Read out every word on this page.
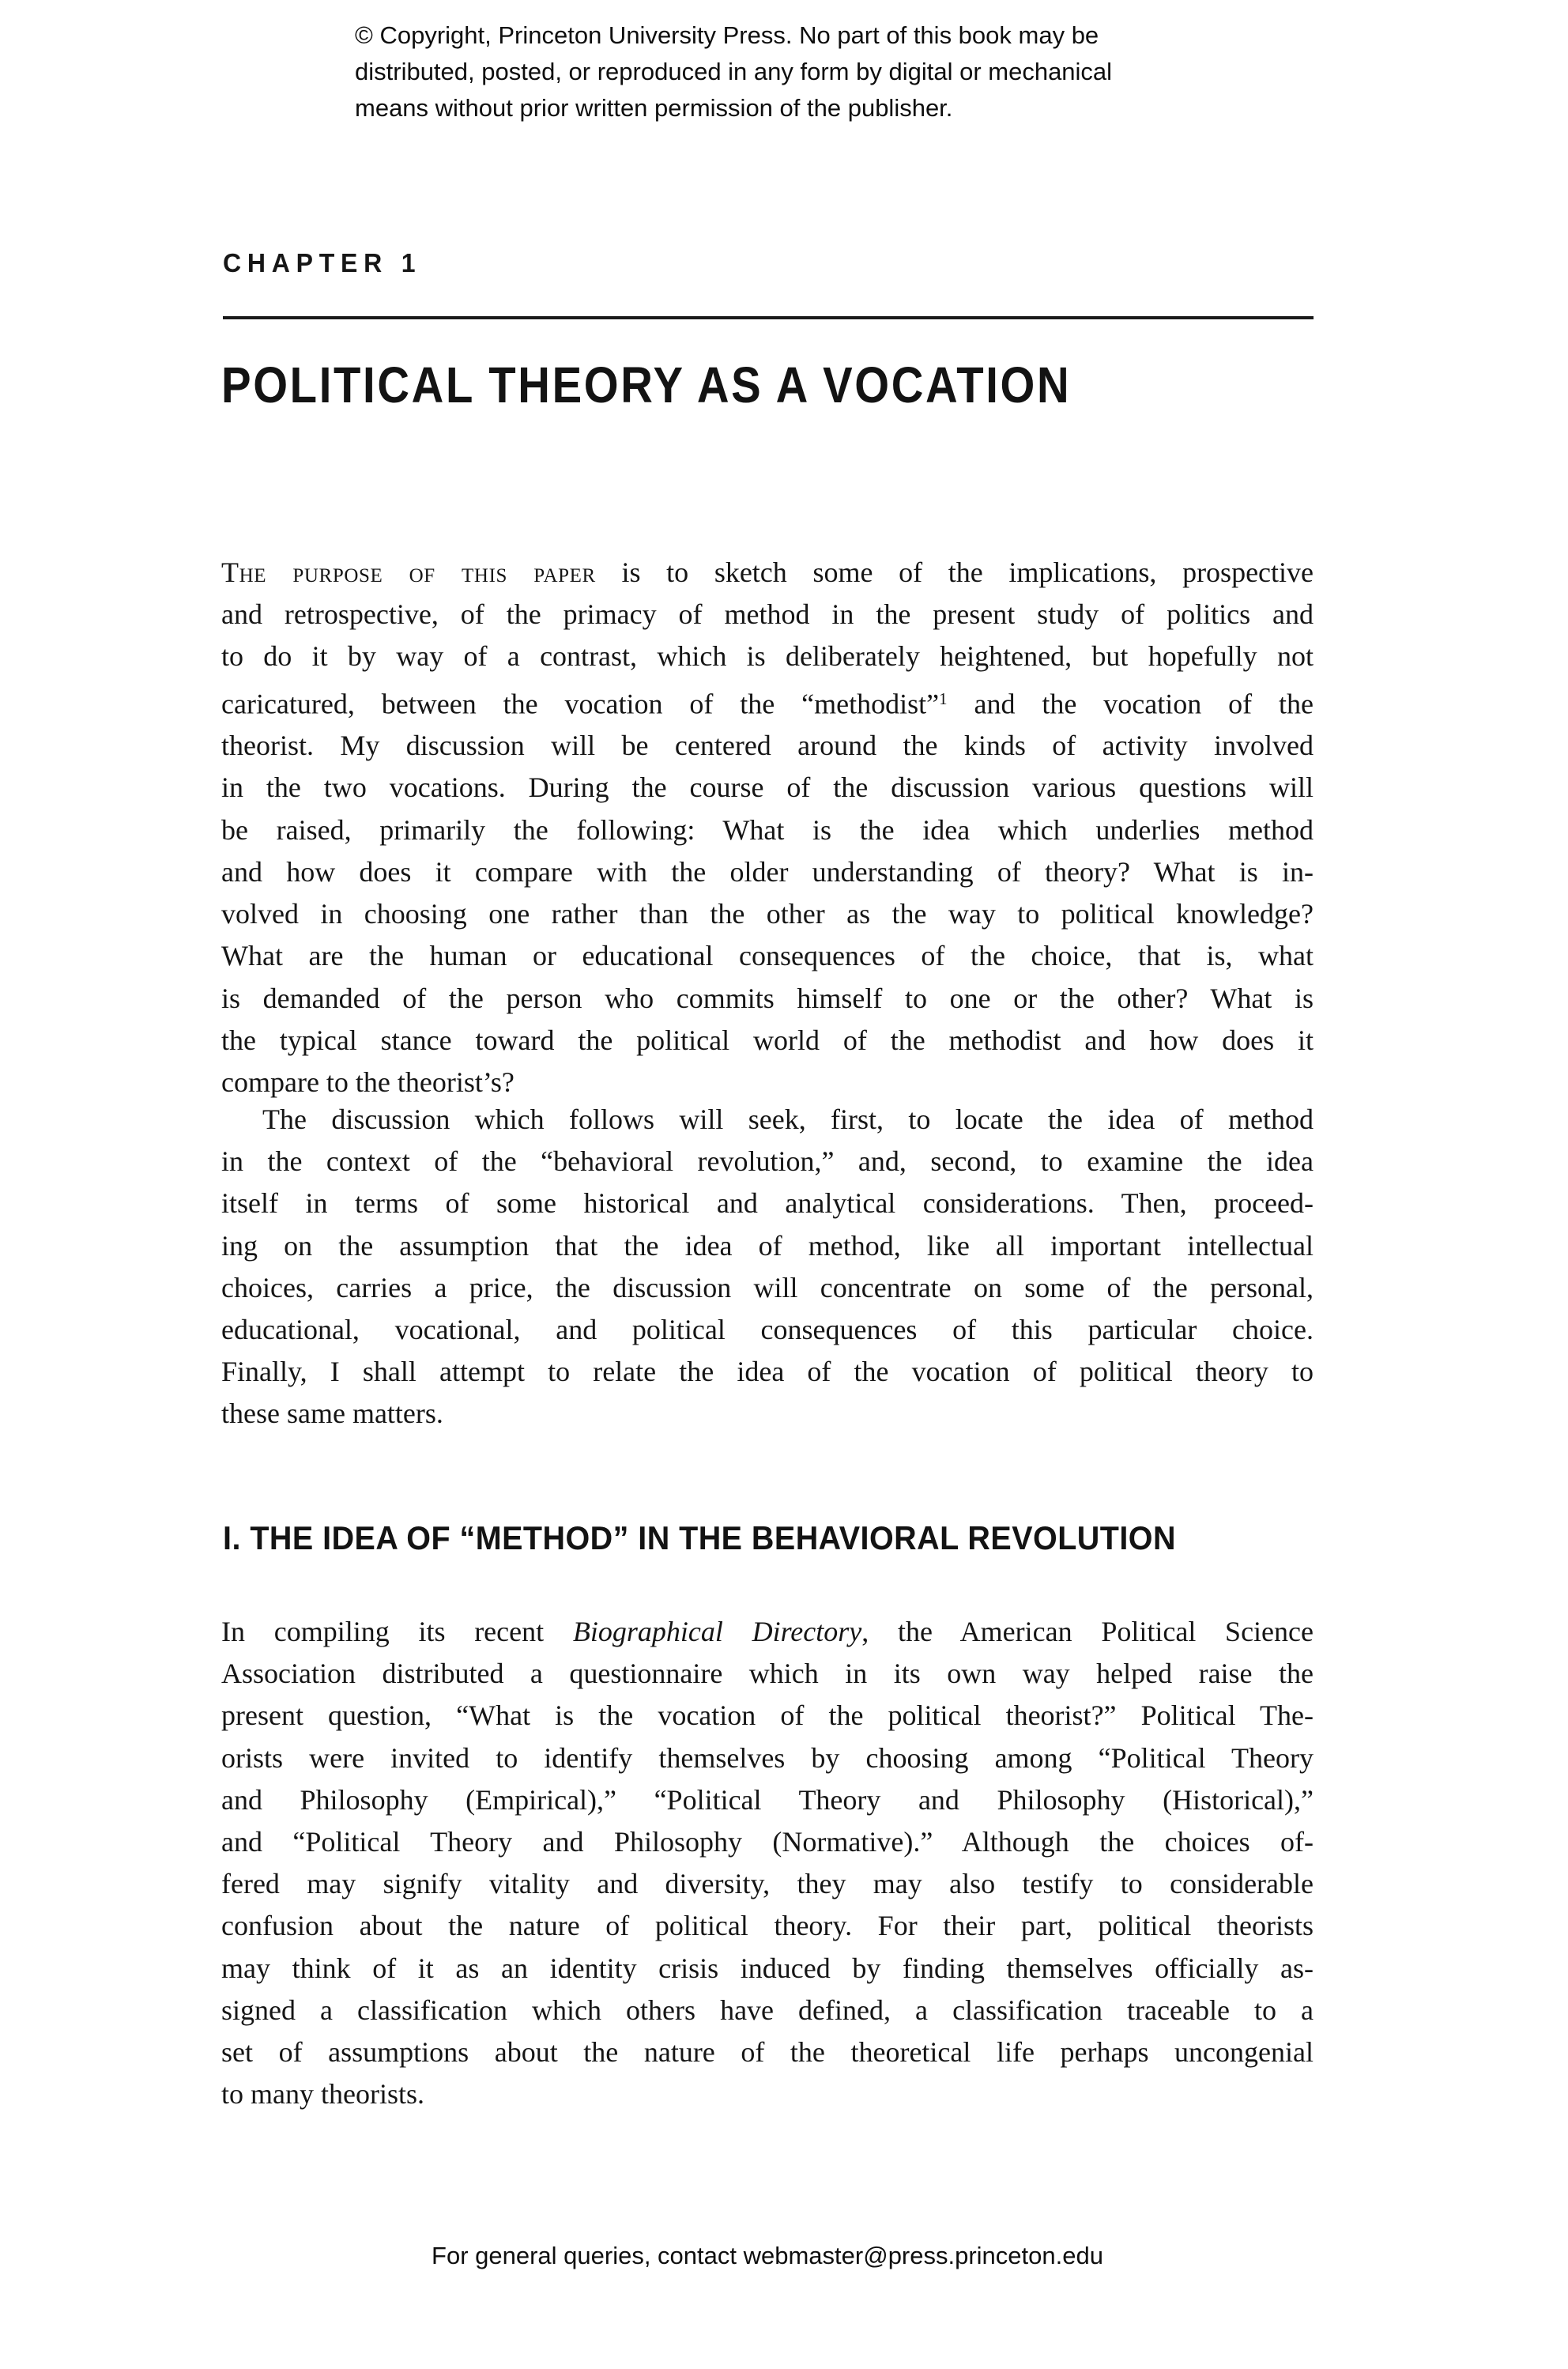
© Copyright, Princeton University Press. No part of this book may be
distributed, posted, or reproduced in any form by digital or mechanical
means without prior written permission of the publisher.
CHAPTER 1
POLITICAL THEORY AS A VOCATION
The purpose of this paper is to sketch some of the implications, prospective
and retrospective, of the primacy of method in the present study of politics and
to do it by way of a contrast, which is deliberately heightened, but hopefully not
caricatured, between the vocation of the “methodist”$^1$ and the vocation of the
theorist. My discussion will be centered around the kinds of activity involved
in the two vocations. During the course of the discussion various questions will
be raised, primarily the following: What is the idea which underlies method
and how does it compare with the older understanding of theory? What is in-
volved in choosing one rather than the other as the way to political knowledge?
What are the human or educational consequences of the choice, that is, what
is demanded of the person who commits himself to one or the other? What is
the typical stance toward the political world of the methodist and how does it
compare to the theorist’s?
The discussion which follows will seek, first, to locate the idea of method
in the context of the “behavioral revolution,” and, second, to examine the idea
itself in terms of some historical and analytical considerations. Then, proceed-
ing on the assumption that the idea of method, like all important intellectual
choices, carries a price, the discussion will concentrate on some of the personal,
educational, vocational, and political consequences of this particular choice.
Finally, I shall attempt to relate the idea of the vocation of political theory to
these same matters.
I. THE IDEA OF “METHOD” IN THE BEHAVIORAL REVOLUTION
In compiling its recent Biographical Directory, the American Political Science
Association distributed a questionnaire which in its own way helped raise the
present question, “What is the vocation of the political theorist?” Political The-
orists were invited to identify themselves by choosing among “Political Theory
and Philosophy (Empirical),” “Political Theory and Philosophy (Historical),”
and “Political Theory and Philosophy (Normative).” Although the choices of-
fered may signify vitality and diversity, they may also testify to considerable
confusion about the nature of political theory. For their part, political theorists
may think of it as an identity crisis induced by finding themselves officially as-
signed a classification which others have defined, a classification traceable to a
set of assumptions about the nature of the theoretical life perhaps uncongenial
to many theorists.
For general queries, contact webmaster@press.princeton.edu
